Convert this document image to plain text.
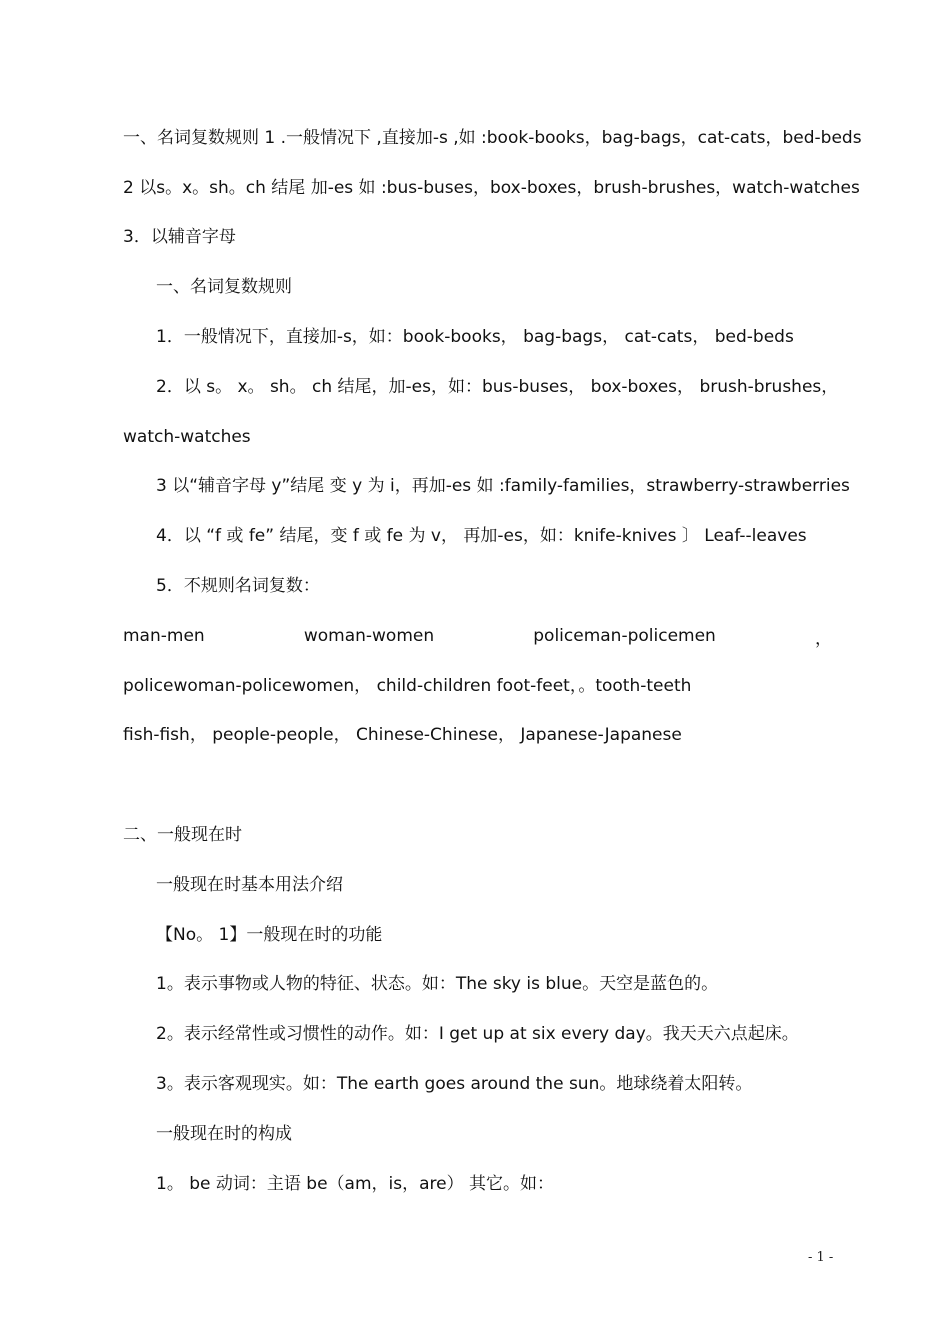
一、名词复数规则 1 .一般情况下 ,直接加-s ,如 :book-books，bag-bags，cat-cats，bed-beds
2 以s。x。sh。ch 结尾 加-es 如 :bus-buses，box-boxes，brush-brushes，watch-watches
3．以辅音字母
一、名词复数规则
1．一般情况下，直接加-s，如：book-books， bag-bags， cat-cats， bed-beds
2．以 s。 x。 sh。 ch 结尾，加-es，如：bus-buses， box-boxes， brush-brushes，
watch-watches
3 以“辅音字母 y”结尾 变 y 为 i，再加-es 如 :family-families，strawberry-strawberries
4．以 “f 或 fe” 结尾，变 f 或 fe 为 v， 再加-es，如：knife-knives 〕 Leaf--leaves
5．不规则名词复数：
man-men	woman-women	policeman-policemen	，
policewoman-policewomen， child-children foot-feet，。tooth-teeth
fish-fish， people-people， Chinese-Chinese， Japanese-Japanese
二、一般现在时
一般现在时基本用法介绍
【No。 1】一般现在时的功能
1。表示事物或人物的特征、状态。如：The sky is blue。天空是蓝色的。
2。表示经常性或习惯性的动作。如：I get up at six every day。我天天六点起床。
3。表示客观现实。如：The earth goes around the sun。地球绕着太阳转。
一般现在时的构成
1。 be 动词：主语 be（am，is，are） 其它。如：
- 1 -
